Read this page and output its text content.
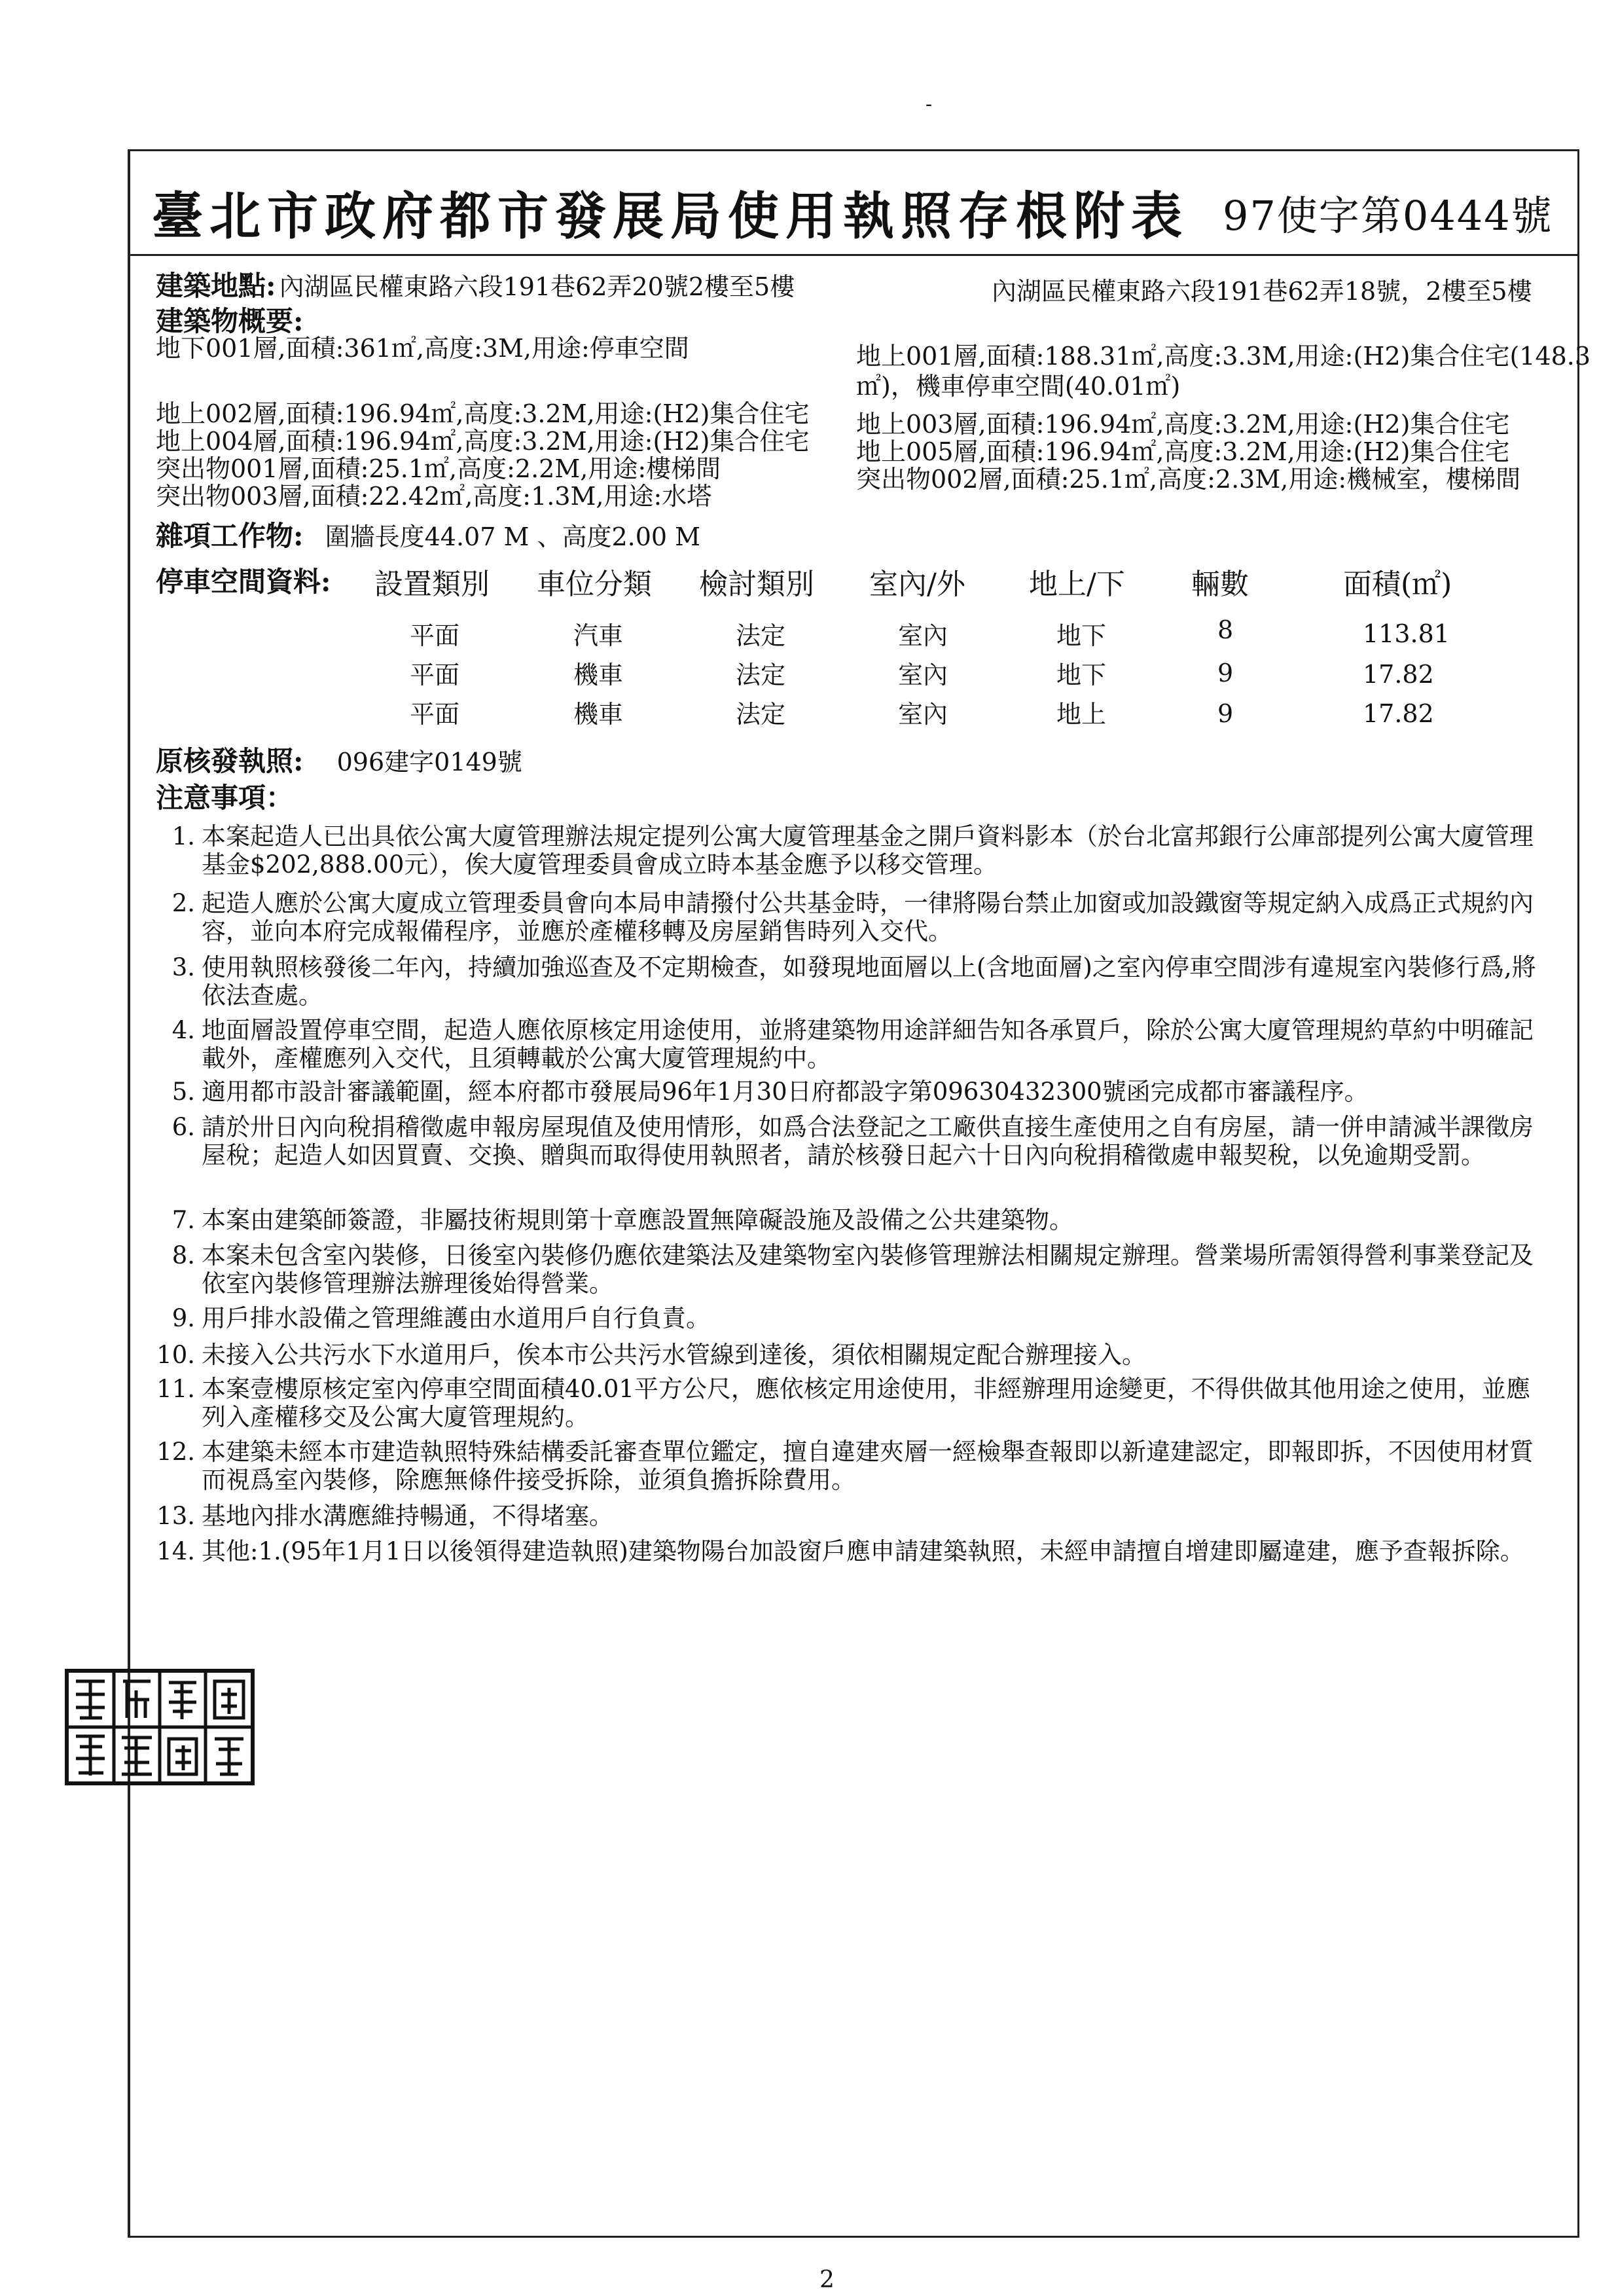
-
臺北市政府都市發展局使用執照存根附表 97使字第0444號
建築地點: 內湖區民權東路六段191巷62弄20號2樓至5樓	內湖區民權東路六段191巷62弄18號，2樓至5樓
建築物概要:
地下001層,面積:361㎡,高度:3M,用途:停車空間
地上002層,面積:196.94㎡,高度:3.2M,用途:(H2)集合住宅
地上004層,面積:196.94㎡,高度:3.2M,用途:(H2)集合住宅
突出物001層,面積:25.1㎡,高度:2.2M,用途:樓梯間
突出物003層,面積:22.42㎡,高度:1.3M,用途:水塔
地上001層,面積:188.31㎡,高度:3.3M,用途:(H2)集合住宅(148.3
㎡)，機車停車空間(40.01㎡)
地上003層,面積:196.94㎡,高度:3.2M,用途:(H2)集合住宅
地上005層,面積:196.94㎡,高度:3.2M,用途:(H2)集合住宅
突出物002層,面積:25.1㎡,高度:2.3M,用途:機械室，樓梯間
雜項工作物: 圍牆長度44.07 M 、高度2.00 M
停車空間資料: 設置類別 車位分類 檢討類別 室內/外 地上/下 輛數	面積(㎡)
平面	汽車	法定	室內	地下	8	113.81
平面	機車	法定	室內	地下	9	17.82
平面	機車	法定	室內	地上	9	17.82
原核發執照: 096建字0149號
注意事項：
1. 本案起造人已出具依公寓大廈管理辦法規定提列公寓大廈管理基金之開戶資料影本（於台北富邦銀行公庫部提列公寓大廈管理基金$202,888.00元），俟大廈管理委員會成立時本基金應予以移交管理。
2. 起造人應於公寓大廈成立管理委員會向本局申請撥付公共基金時，一律將陽台禁止加窗或加設鐵窗等規定納入成爲正式規約內容，並向本府完成報備程序，並應於產權移轉及房屋銷售時列入交代。
3. 使用執照核發後二年內，持續加強巡查及不定期檢查，如發現地面層以上(含地面層)之室內停車空間涉有違規室內裝修行爲,將依法查處。
4. 地面層設置停車空間，起造人應依原核定用途使用，並將建築物用途詳細告知各承買戶，除於公寓大廈管理規約草約中明確記載外，產權應列入交代，且須轉載於公寓大廈管理規約中。
5. 適用都市設計審議範圍，經本府都市發展局96年1月30日府都設字第09630432300號函完成都市審議程序。
6. 請於卅日內向稅捐稽徵處申報房屋現值及使用情形，如爲合法登記之工廠供直接生產使用之自有房屋，請一併申請減半課徵房屋稅；起造人如因買賣、交換、贈與而取得使用執照者，請於核發日起六十日內向稅捐稽徵處申報契稅，以免逾期受罰。
7. 本案由建築師簽證，非屬技術規則第十章應設置無障礙設施及設備之公共建築物。
8. 本案未包含室內裝修，日後室內裝修仍應依建築法及建築物室內裝修管理辦法相關規定辦理。營業場所需領得營利事業登記及依室內裝修管理辦法辦理後始得營業。
9. 用戶排水設備之管理維護由水道用戶自行負責。
10. 未接入公共污水下水道用戶，俟本市公共污水管線到達後，須依相關規定配合辦理接入。
11. 本案壹樓原核定室內停車空間面積40.01平方公尺，應依核定用途使用，非經辦理用途變更，不得供做其他用途之使用，並應列入產權移交及公寓大廈管理規約。
12. 本建築未經本市建造執照特殊結構委託審查單位鑑定，擅自違建夾層一經檢舉查報即以新違建認定，即報即拆，不因使用材質而視爲室內裝修，除應無條件接受拆除，並須負擔拆除費用。
13. 基地內排水溝應維持暢通，不得堵塞。
14. 其他:1.(95年1月1日以後領得建造執照)建築物陽台加設窗戶應申請建築執照，未經申請擅自增建即屬違建，應予查報拆除。
2
